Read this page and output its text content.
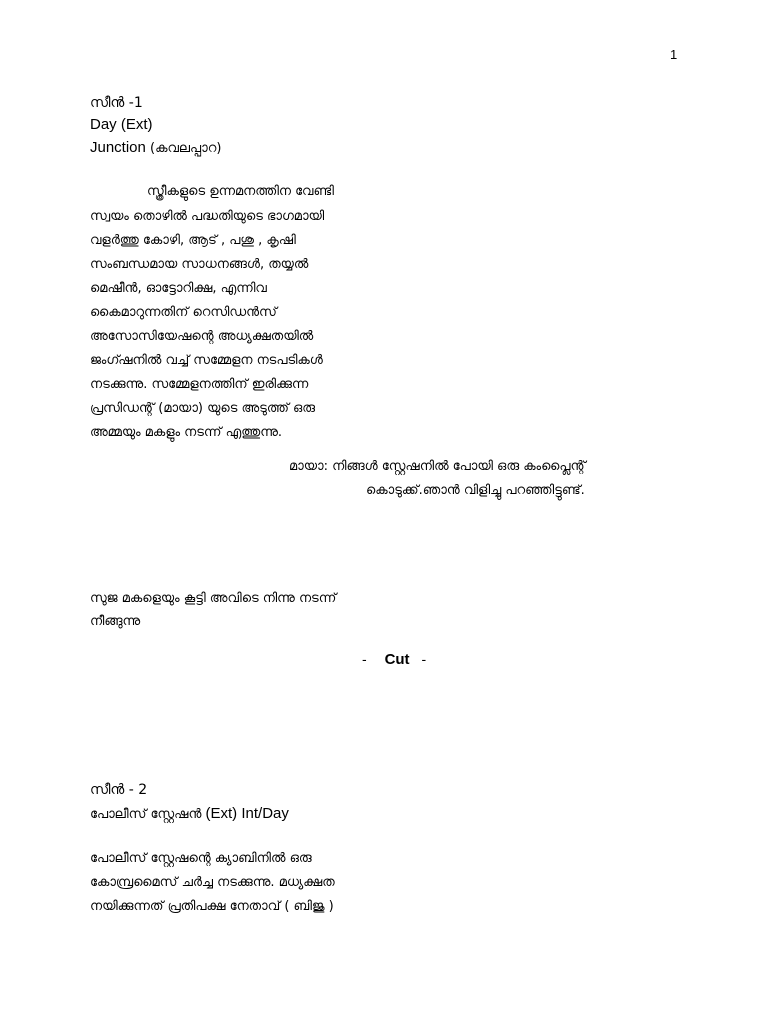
1
സീൻ -1
Day (Ext)
Junction (കവലപ്പാറ)
സ്ത്രീകളുടെ ഉന്നമനത്തിന വേണ്ടി
സ്വയം തൊഴിൽ പദ്ധതിയുടെ ഭാഗമായി
വളർത്തു കോഴി, ആട് , പശു , കൃഷി
സംബന്ധമായ സാധനങ്ങൾ, തയ്യൽ
മെഷീൻ, ഓട്ടോറിക്ഷ, എന്നിവ
കൈമാറുന്നതിന് റെസിഡൻസ്
അസോസിയേഷന്റെ അധ്യക്ഷതയിൽ
ജംഗ്ഷനിൽ വച്ച് സമ്മേളന നടപടികൾ
നടക്കുന്നു. സമ്മേളനത്തിന് ഇരിക്കുന്ന
പ്രസിഡന്റ് (മായാ) യുടെ അടുത്ത് ഒരു
അമ്മയും മകളും നടന്ന് എത്തുന്നു.
മായാ: നിങ്ങൾ സ്റ്റേഷനിൽ പോയി ഒരു കംപ്ലൈന്റ്
കൊടുക്ക്.ഞാൻ വിളിച്ചു പറഞ്ഞിട്ടുണ്ട്.
സുജ മകളെയും കൂട്ടി അവിടെ നിന്നു നടന്ന്
നീങ്ങുന്നു
- Cut -
സീൻ - 2
പോലീസ് സ്റ്റേഷൻ (Ext) Int/Day
പോലീസ് സ്റ്റേഷന്റെ ക്യാബിനിൽ ഒരു
കോമ്പ്രമൈസ് ചർച്ച നടക്കുന്നു. മധ്യക്ഷത
നയിക്കുന്നത് പ്രതിപക്ഷ നേതാവ് ( ബിജു )
